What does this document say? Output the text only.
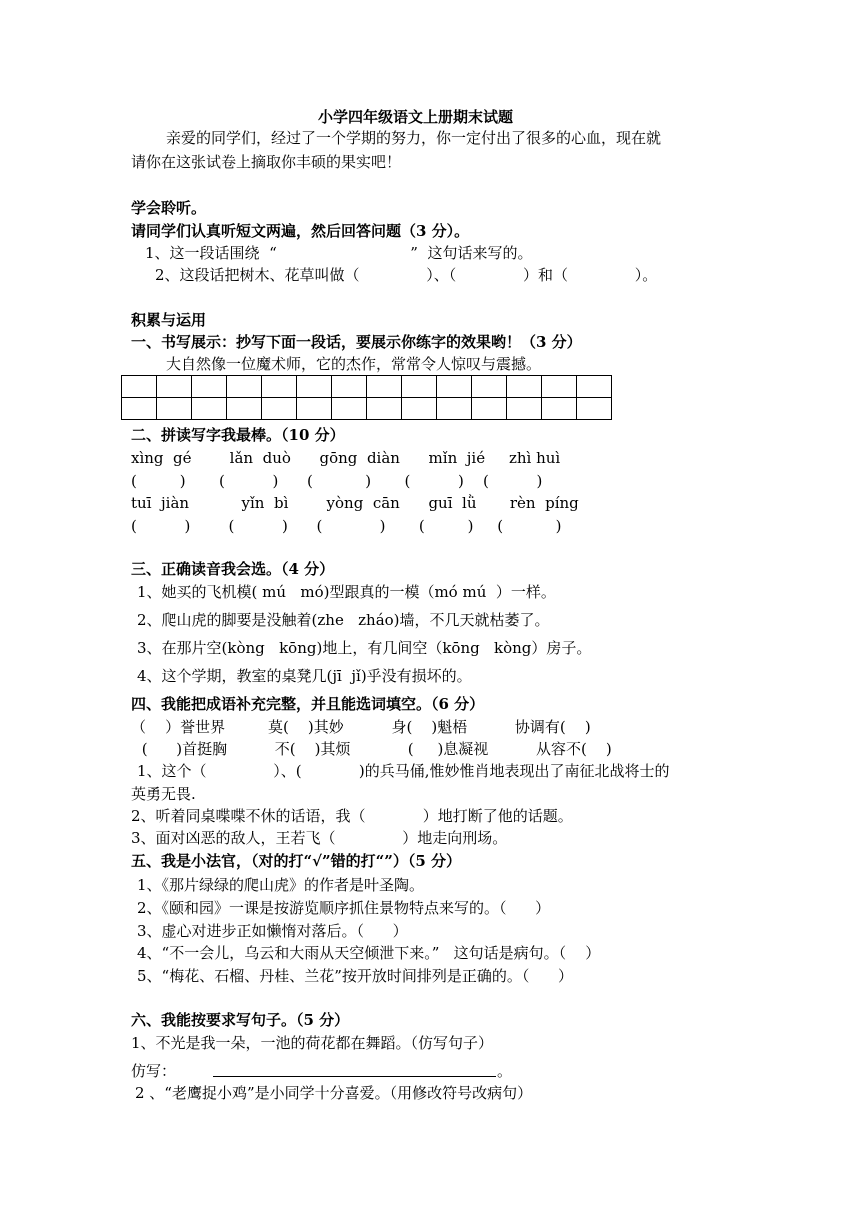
小学四年级语文上册期末试题
亲爱的同学们，经过了一个学期的努力，你一定付出了很多的心血，现在就
请你在这张试卷上摘取你丰硕的果实吧！
学会聆听。
请同学们认真听短文两遍，然后回答问题（3 分）。
1、这一段话围绕  “                            ”  这句话来写的。
2、这段话把树木、花草叫做（              ）、（              ）和（              ）。
积累与运用
一、书写展示：抄写下面一段话，要展示你练字的效果哟！（3 分）
大自然像一位魔术师，它的杰作，常常令人惊叹与震撼。

二、拼读写字我最棒。（10 分）
xìng  gé        lǎn  duò      gōng  diàn      mǐn  jié     zhì huì
(         )       (          )      (           )       (          )    (          )
tuī  jiàn           yǐn  bì        yòng  cān      guī  lǜ       rèn  píng
(          )        (          )      (            )       (         )     (           )
三、正确读音我会选。（4 分）
1、她买的飞机模( mú   mó)型跟真的一模（mó mú  ）一样。
2、爬山虎的脚要是没触着(zhe   zháo)墙，不几天就枯萎了。
3、在那片空(kòng   kōng)地上，有几间空（kōng   kòng）房子。
4、这个学期，教室的桌凳几(jī  jǐ)乎没有损坏的。
四、我能把成语补充完整，并且能选词填空。（6 分）
（    ）誉世界         莫(    )其妙          身(    )魁梧          协调有(    )
(      )首挺胸          不(    )其烦            (     )息凝视          从容不(    )
1、这个（              ）、(            )的兵马俑,惟妙惟肖地表现出了南征北战将士的
英勇无畏.
2、听着同桌喋喋不休的话语，我（            ）地打断了他的话题。
3、面对凶恶的敌人，王若飞（              ）地走向刑场。
五、我是小法官，（对的打“√”错的打“”）（5 分）
1、《那片绿绿的爬山虎》的作者是叶圣陶。
2、《颐和园》一课是按游览顺序抓住景物特点来写的。（      ）
3、虚心对进步正如懒惰对落后。（      ）
4、“不一会儿，乌云和大雨从天空倾泄下来。”   这句话是病句。（    ）
5、“梅花、石榴、丹桂、兰花”按开放时间排列是正确的。（      ）
六、我能按要求写句子。（5 分）
1、不光是我一朵，一池的荷花都在舞蹈。（仿写句子）
仿写：	。
2 、“老鹰捉小鸡”是小同学十分喜爱。（用修改符号改病句）
